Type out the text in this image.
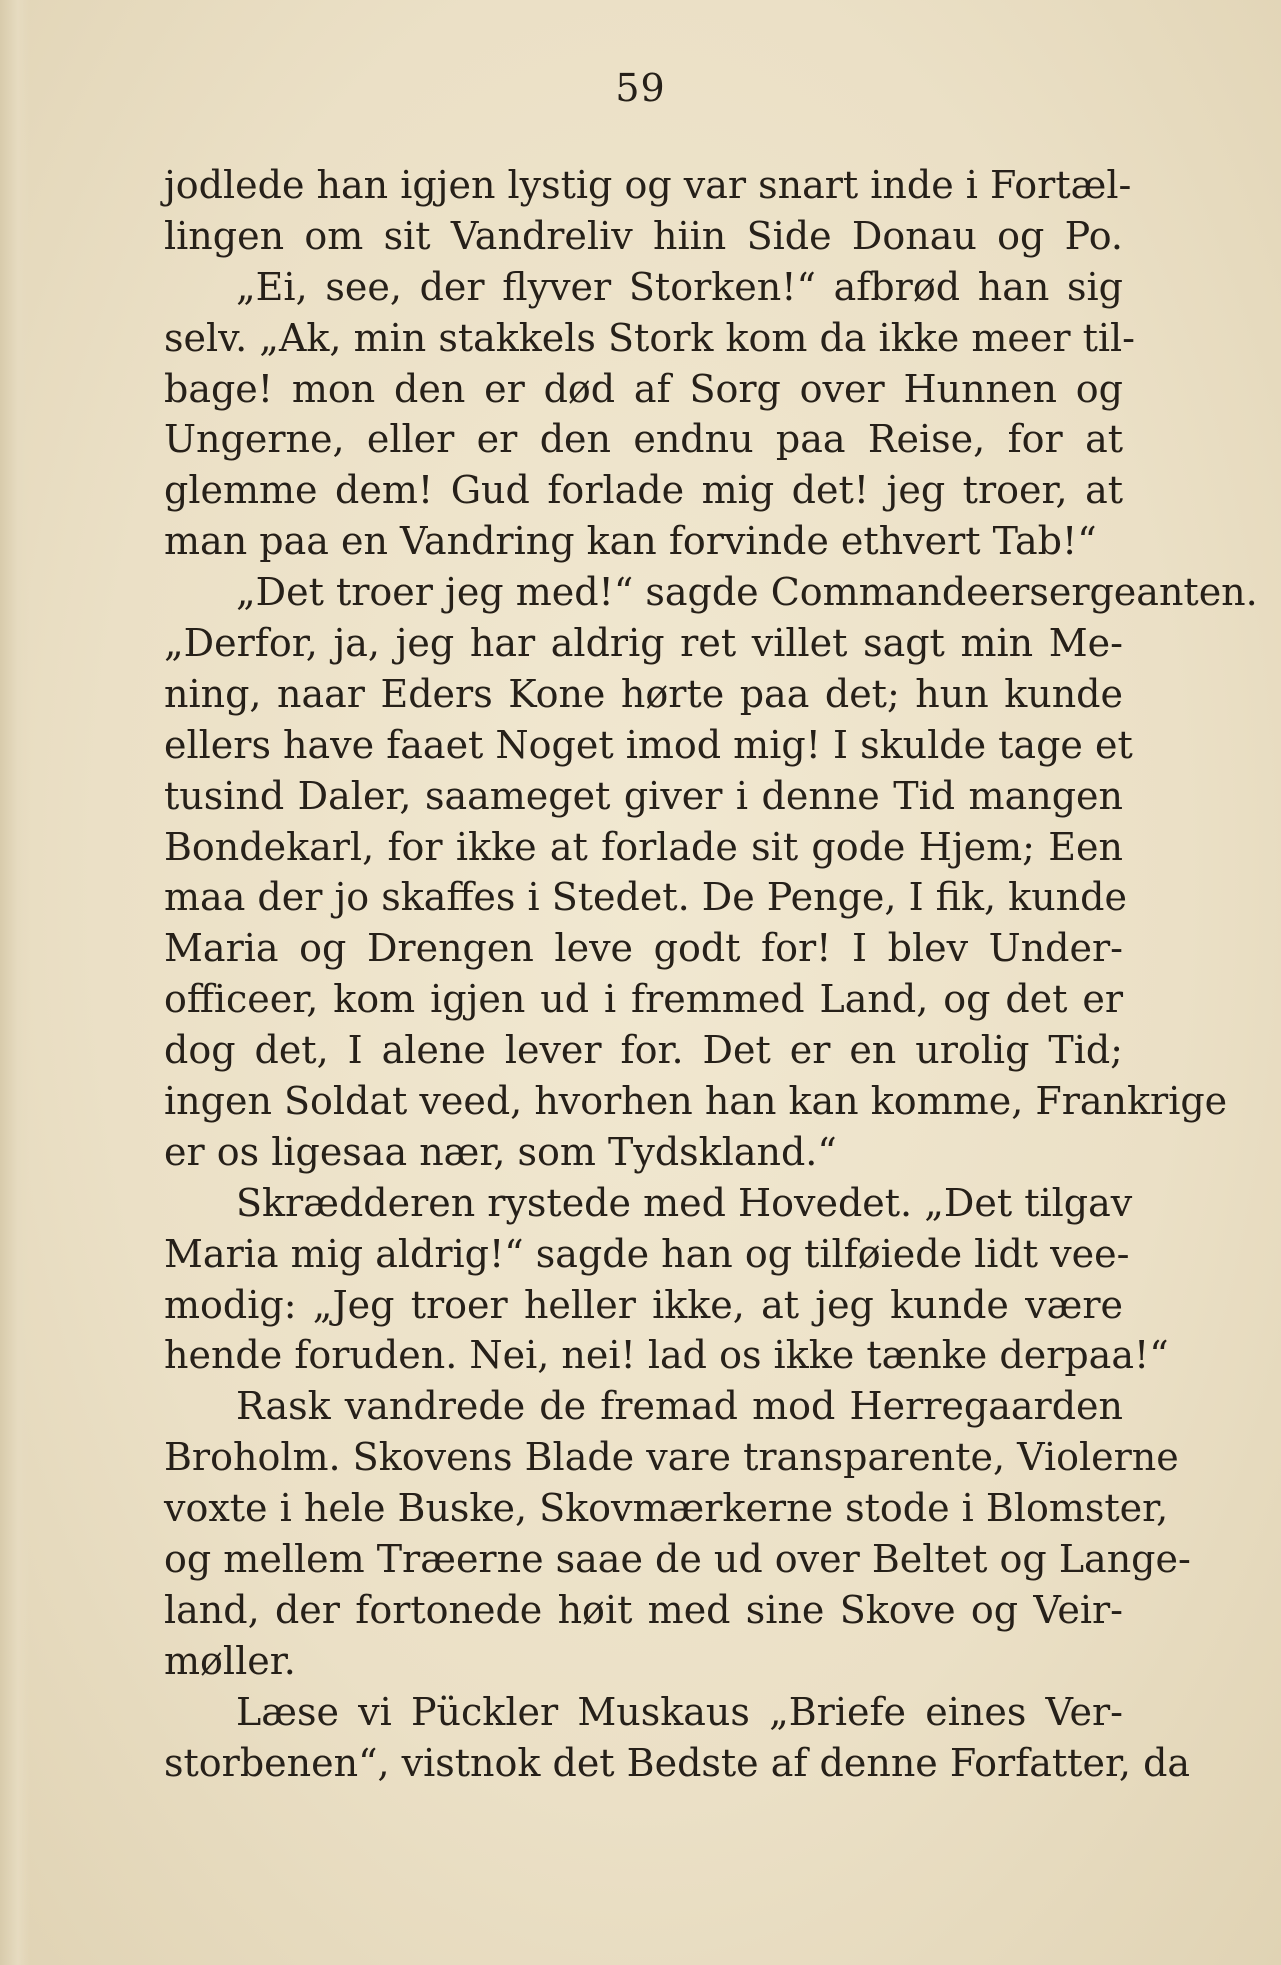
59
jodlede han igjen lystig og var snart inde i Fortæl-
lingen om sit Vandreliv hiin Side Donau og Po.
„Ei, see, der flyver Storken!“ afbrød han sig
selv. „Ak, min stakkels Stork kom da ikke meer til-
bage! mon den er død af Sorg over Hunnen og
Ungerne, eller er den endnu paa Reise, for at
glemme dem! Gud forlade mig det! jeg troer, at
man paa en Vandring kan forvinde ethvert Tab!“
„Det troer jeg med!“ sagde Commandeersergeanten.
„Derfor, ja, jeg har aldrig ret villet sagt min Me-
ning, naar Eders Kone hørte paa det; hun kunde
ellers have faaet Noget imod mig! I skulde tage et
tusind Daler, saameget giver i denne Tid mangen
Bondekarl, for ikke at forlade sit gode Hjem; Een
maa der jo skaffes i Stedet. De Penge, I fik, kunde
Maria og Drengen leve godt for! I blev Under-
officeer, kom igjen ud i fremmed Land, og det er
dog det, I alene lever for. Det er en urolig Tid;
ingen Soldat veed, hvorhen han kan komme, Frankrige
er os ligesaa nær, som Tydskland.“
Skrædderen rystede med Hovedet. „Det tilgav
Maria mig aldrig!“ sagde han og tilføiede lidt vee-
modig: „Jeg troer heller ikke, at jeg kunde være
hende foruden. Nei, nei! lad os ikke tænke derpaa!“
Rask vandrede de fremad mod Herregaarden
Broholm. Skovens Blade vare transparente, Violerne
voxte i hele Buske, Skovmærkerne stode i Blomster,
og mellem Træerne saae de ud over Beltet og Lange-
land, der fortonede høit med sine Skove og Veir-
møller.
Læse vi Pückler Muskaus „Briefe eines Ver-
storbenen“, vistnok det Bedste af denne Forfatter, da
